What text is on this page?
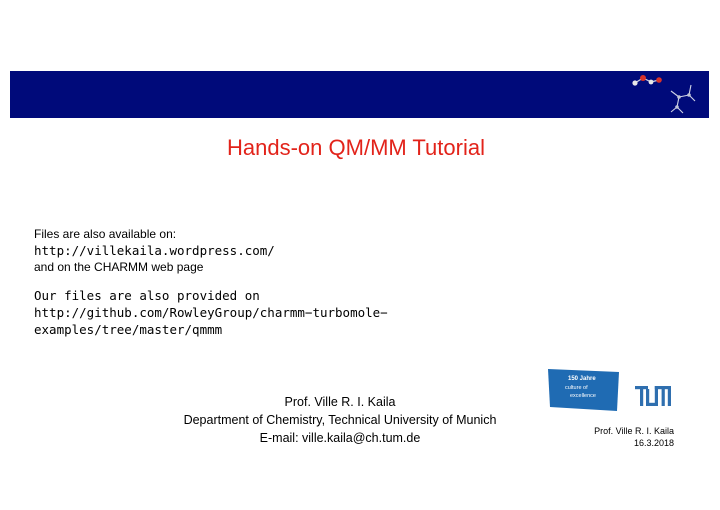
Hands-on QM/MM Tutorial
Files are also available on:
http://villekaila.wordpress.com/
and on the CHARMM web page
Our files are also provided on
http://github.com/RowleyGroup/charmm−turbomole−
examples/tree/master/qmmm
Prof. Ville R. I. Kaila
Department of Chemistry, Technical University of Munich
E-mail: ville.kaila@ch.tum.de
150 Jahre
culture of
excellence
Prof. Ville R. I. Kaila
16.3.2018
